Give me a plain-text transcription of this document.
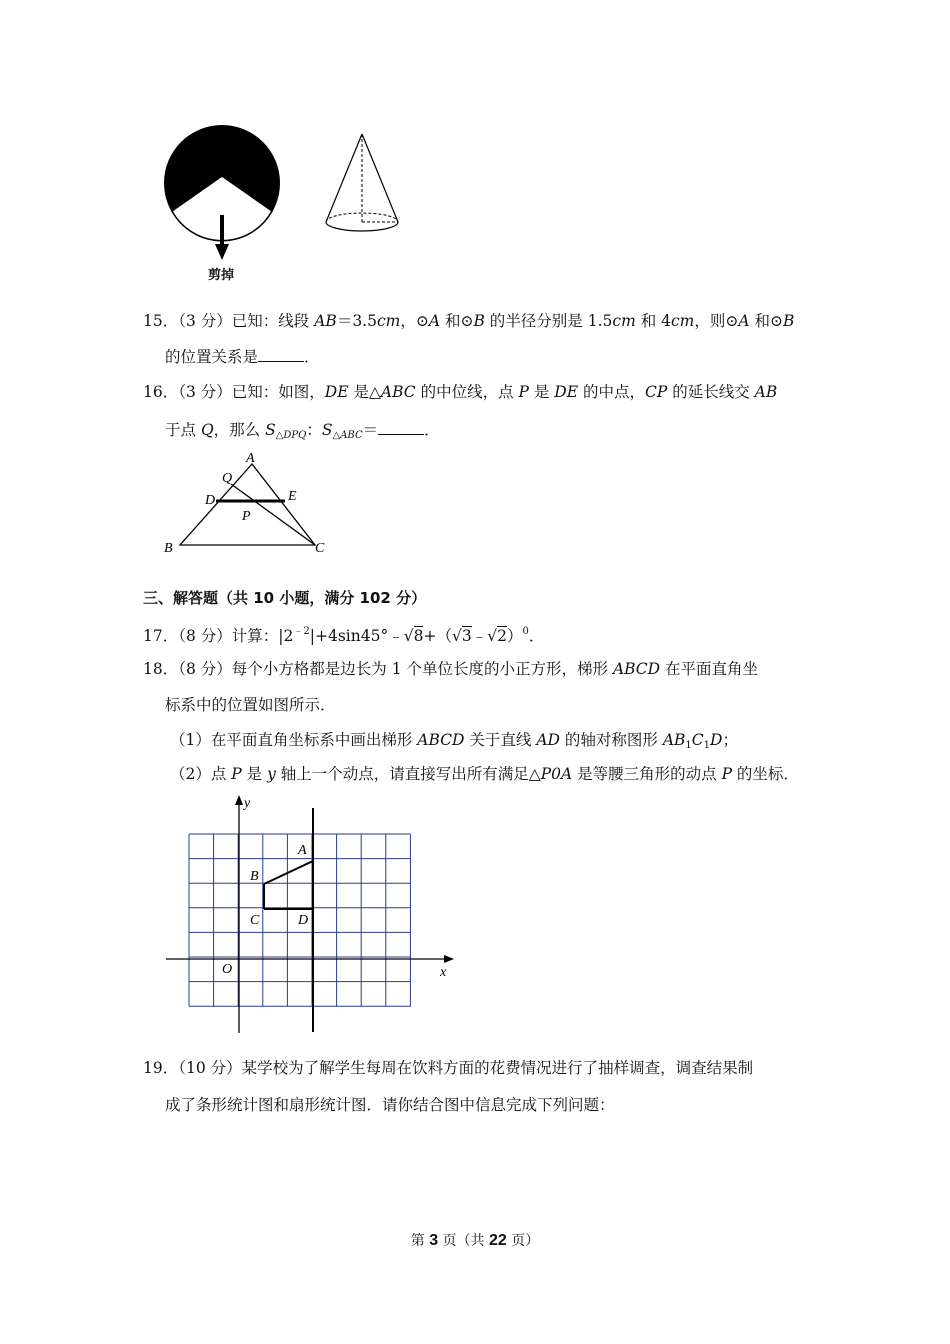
剪掉
15．（3 分）已知：线段 AB＝3.5cm，⊙A 和⊙B 的半径分别是 1.5cm 和 4cm，则⊙A 和⊙B
的位置关系是	．
16．（3 分）已知：如图，DE 是△ABC 的中位线，点 P 是 DE 的中点，CP 的延长线交 AB
于点 Q，那么 $S_{\triangle DPQ}$：$S_{\triangle ABC}=$	．
A
Q
D	E
P
B	C
三、解答题（共 10 小题，满分 102 分）
17．（8 分）计算：$|2^{﹣2}|+4\sin 45^\circ﹣√8+(√3﹣√2)^0$．
18．（8 分）每个小方格都是边长为 1 个单位长度的小正方形，梯形 ABCD 在平面直角坐
标系中的位置如图所示．
（1）在平面直角坐标系中画出梯形 ABCD 关于直线 AD 的轴对称图形 $AB_1C_1D$；
（2）点 P 是 y 轴上一个动点，请直接写出所有满足△P0A 是等腰三角形的动点 P 的坐标．
y
x
O
A
B
C	D
19．（10 分）某学校为了解学生每周在饮料方面的花费情况进行了抽样调查，调查结果制
成了条形统计图和扇形统计图．请你结合图中信息完成下列问题：
第 3 页（共 22 页）
